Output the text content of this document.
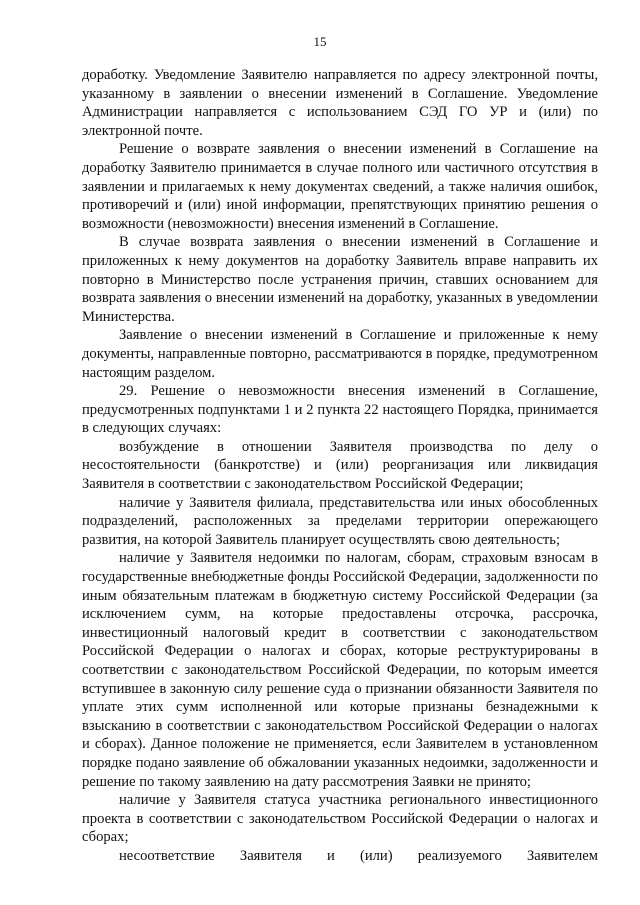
15

доработку. Уведомление Заявителю направляется по адресу электронной почты, указанному в заявлении о внесении изменений в Соглашение. Уведомление Администрации направляется с использованием СЭД ГО УР и (или) по электронной почте.

Решение о возврате заявления о внесении изменений в Соглашение на доработку Заявителю принимается в случае полного или частичного отсутствия в заявлении и прилагаемых к нему документах сведений, а также наличия ошибок, противоречий и (или) иной информации, препятствующих принятию решения о возможности (невозможности) внесения изменений в Соглашение.

В случае возврата заявления о внесении изменений в Соглашение и приложенных к нему документов на доработку Заявитель вправе направить их повторно в Министерство после устранения причин, ставших основанием для возврата заявления о внесении изменений на доработку, указанных в уведомлении Министерства.

Заявление о внесении изменений в Соглашение и приложенные к нему документы, направленные повторно, рассматриваются в порядке, предумотренном настоящим разделом.

29. Решение о невозможности внесения изменений в Соглашение, предусмотренных подпунктами 1 и 2 пункта 22 настоящего Порядка, принимается в следующих случаях:

возбуждение в отношении Заявителя производства по делу о несостоятельности (банкротстве) и (или) реорганизация или ликвидация Заявителя в соответствии с законодательством Российской Федерации;

наличие у Заявителя филиала, представительства или иных обособленных подразделений, расположенных за пределами территории опережающего развития, на которой Заявитель планирует осуществлять свою деятельность;

наличие у Заявителя недоимки по налогам, сборам, страховым взносам в государственные внебюджетные фонды Российской Федерации, задолженности по иным обязательным платежам в бюджетную систему Российской Федерации (за исключением сумм, на которые предоставлены отсрочка, рассрочка, инвестиционный налоговый кредит в соответствии с законодательством Российской Федерации о налогах и сборах, которые реструктурированы в соответствии с законодательством Российской Федерации, по которым имеется вступившее в законную силу решение суда о признании обязанности Заявителя по уплате этих сумм исполненной или которые признаны безнадежными к взысканию в соответствии с законодательством Российской Федерации о налогах и сборах). Данное положение не применяется, если Заявителем в установленном порядке подано заявление об обжаловании указанных недоимки, задолженности и решение по такому заявлению на дату рассмотрения Заявки не принято;

наличие у Заявителя статуса участника регионального инвестиционного проекта в соответствии с законодательством Российской Федерации о налогах и сборах;

несоответствие Заявителя и (или) реализуемого Заявителем
